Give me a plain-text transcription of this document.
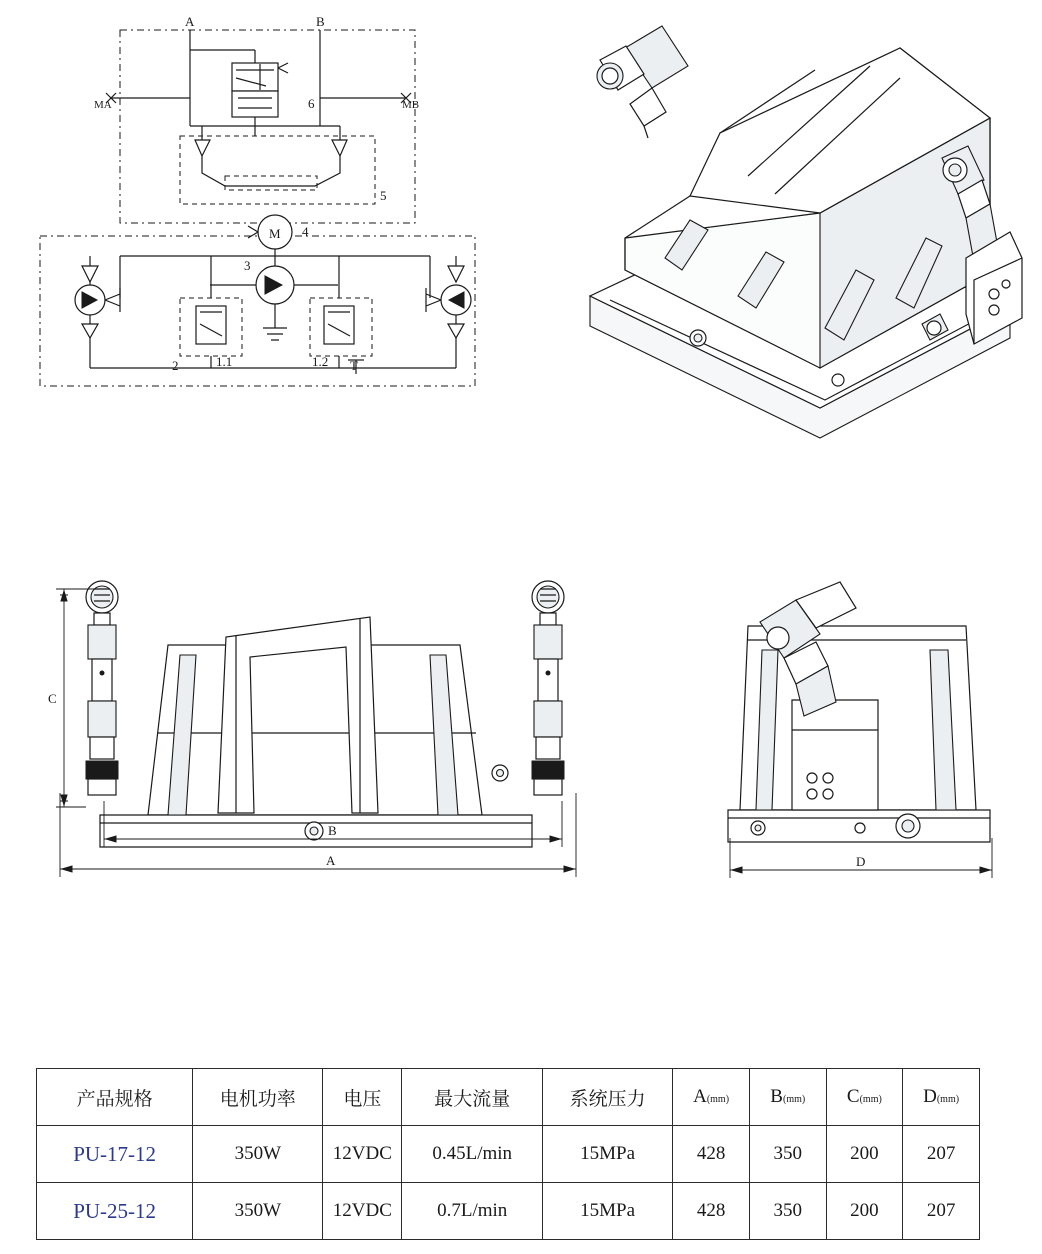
A	B
MA	MB
6
5
M 4
3
1.1	1.2
2	T
C
B
A	D
产品规格	电机功率	电压	最大流量	系统压力	A(mm)	B(mm)	C(mm)	D(mm)
PU-17-12	350W	12VDC	0.45L/min	15MPa	428	350	200	207
PU-25-12	350W	12VDC	0.7L/min	15MPa	428	350	200	207
